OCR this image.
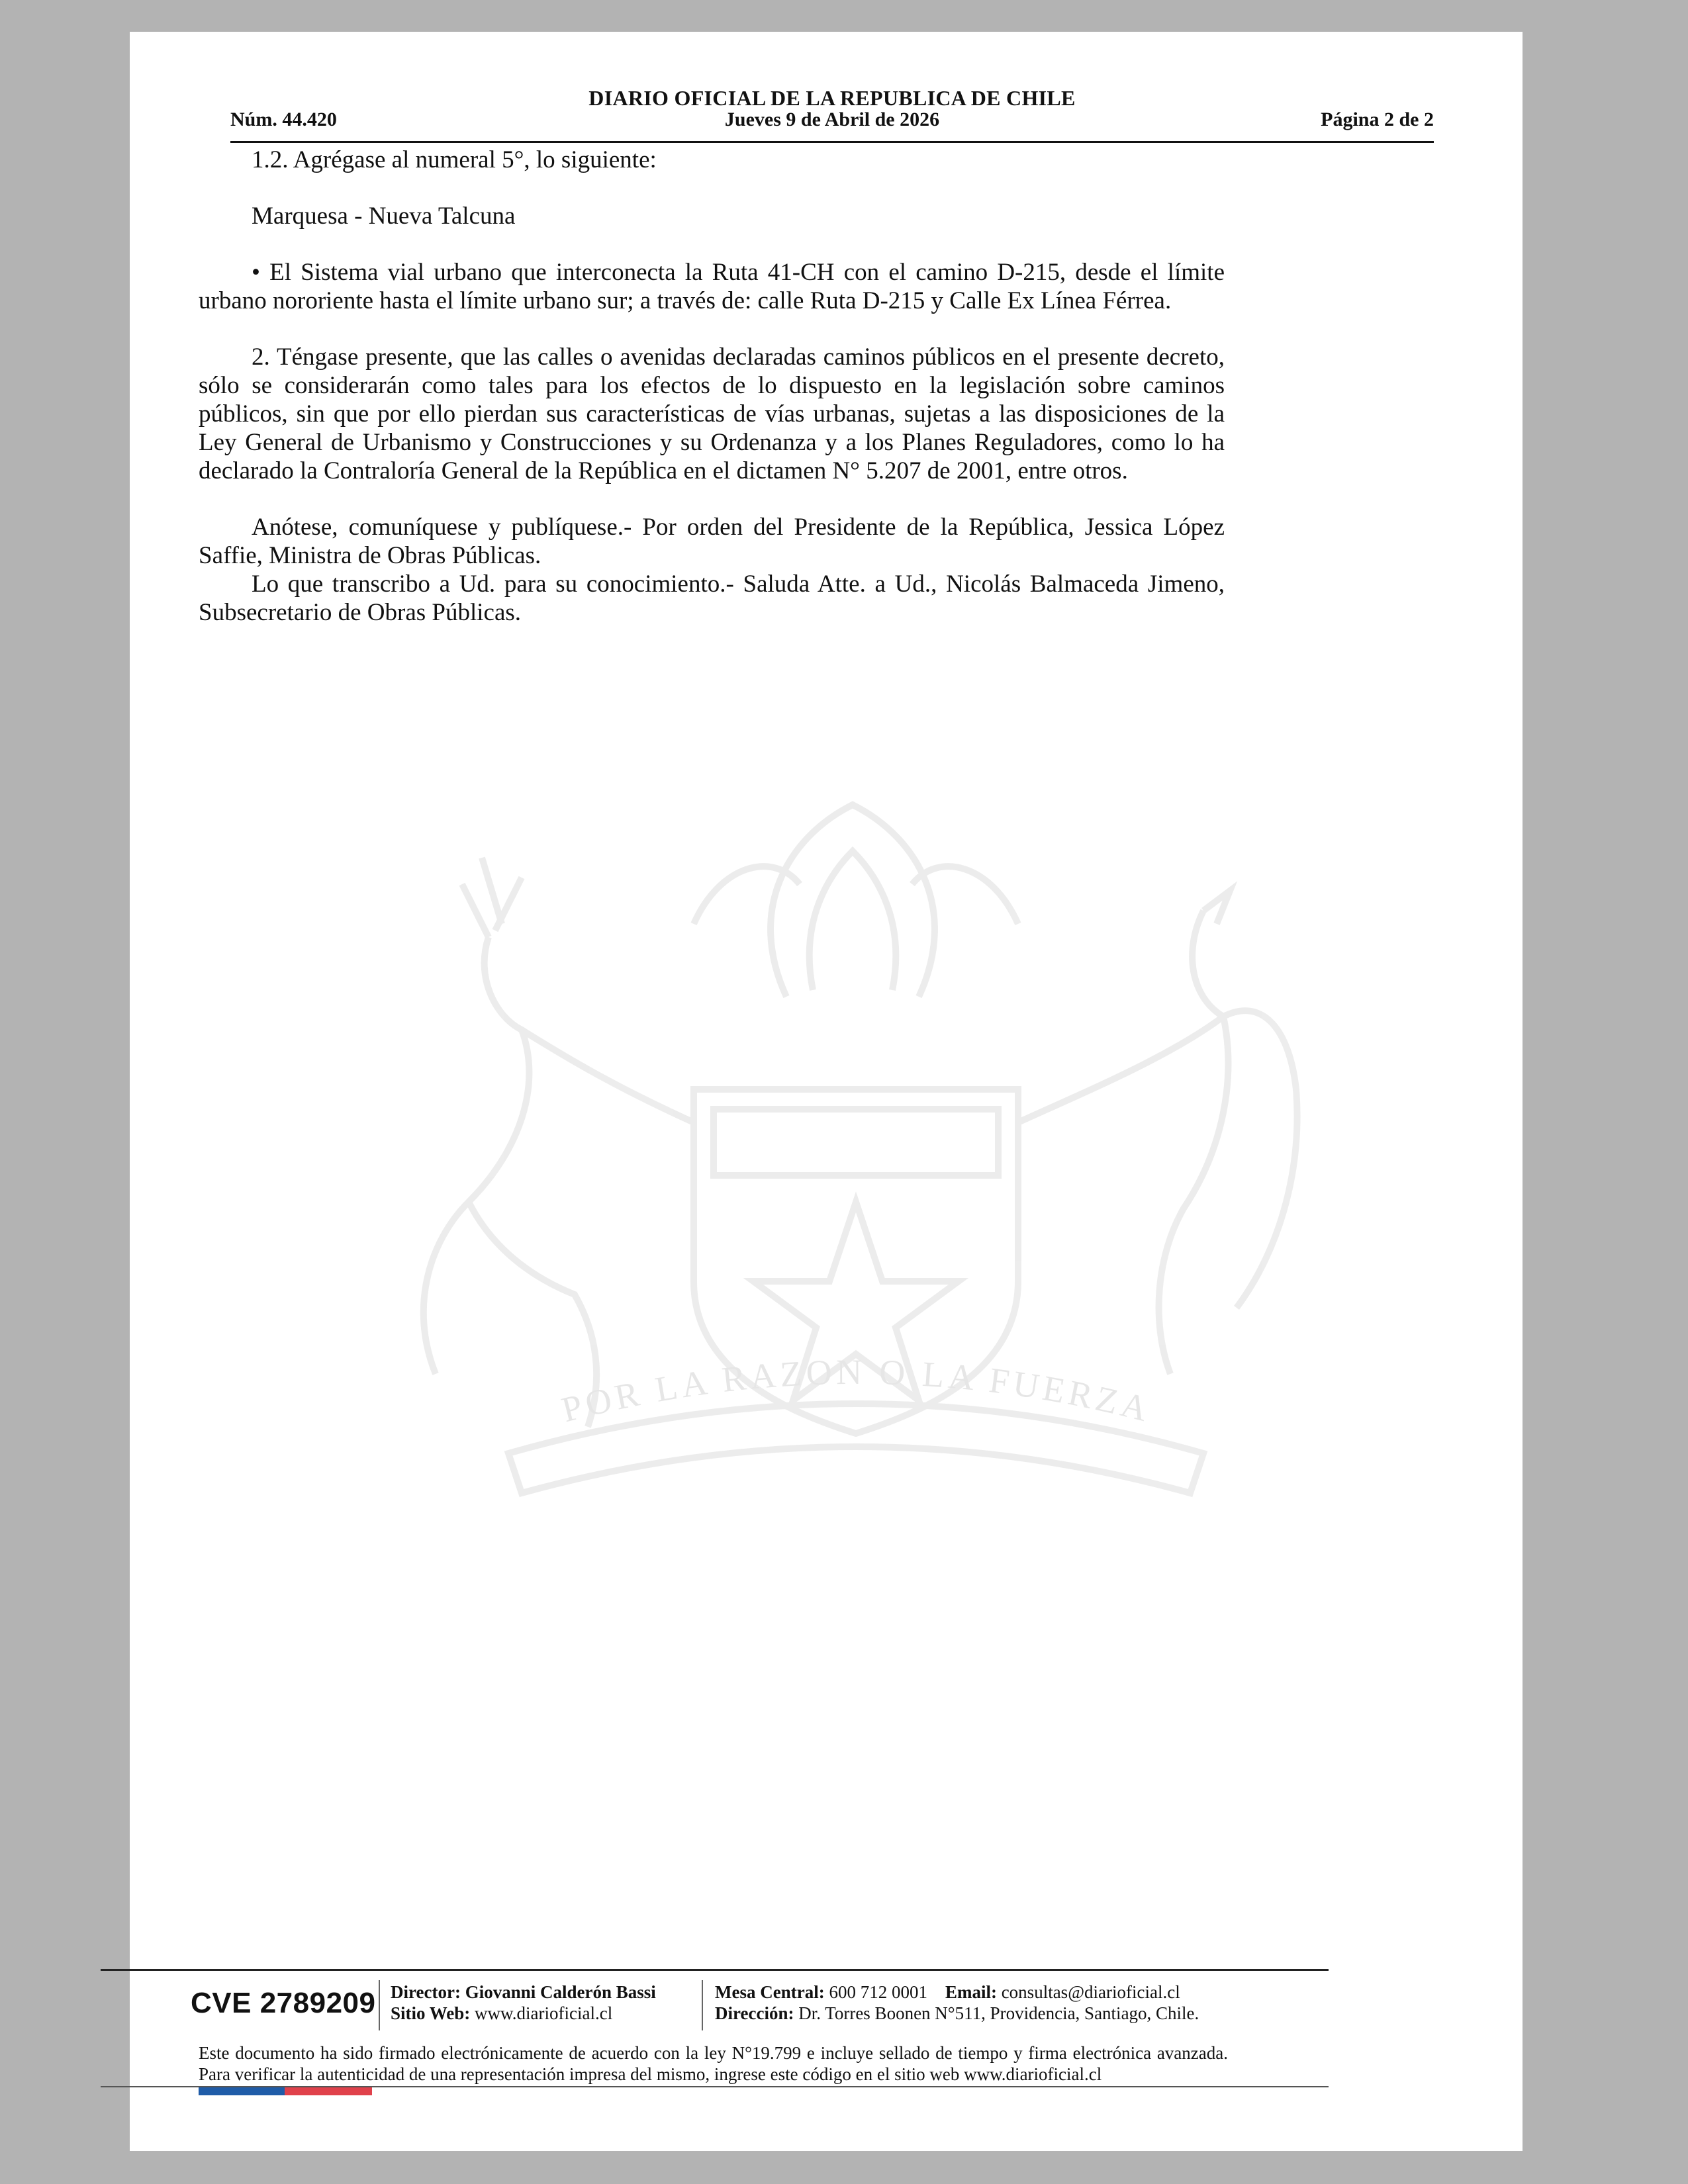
DIARIO OFICIAL DE LA REPUBLICA DE CHILE
Núm. 44.420	Jueves 9 de Abril de 2026	Página 2 de 2
POR LA RAZON O LA FUERZA

1.2. Agrégase al numeral 5°, lo siguiente:

Marquesa - Nueva Talcuna

• El Sistema vial urbano que interconecta la Ruta 41-CH con el camino D-215, desde el límite urbano nororiente hasta el límite urbano sur; a través de: calle Ruta D-215 y Calle Ex Línea Férrea.

2. Téngase presente, que las calles o avenidas declaradas caminos públicos en el presente decreto, sólo se considerarán como tales para los efectos de lo dispuesto en la legislación sobre caminos públicos, sin que por ello pierdan sus características de vías urbanas, sujetas a las disposiciones de la Ley General de Urbanismo y Construcciones y su Ordenanza y a los Planes Reguladores, como lo ha declarado la Contraloría General de la República en el dictamen N° 5.207 de 2001, entre otros.

Anótese, comuníquese y publíquese.- Por orden del Presidente de la República, Jessica López Saffie, Ministra de Obras Públicas.

Lo que transcribo a Ud. para su conocimiento.- Saluda Atte. a Ud., Nicolás Balmaceda Jimeno, Subsecretario de Obras Públicas.

CVE 2789209 Director: Giovanni Calderón Bassi
Sitio Web: www.diarioficial.cl
Mesa Central: 600 712 0001 Email: consultas@diarioficial.cl
Dirección: Dr. Torres Boonen N°511, Providencia, Santiago, Chile.
Este documento ha sido firmado electrónicamente de acuerdo con la ley N°19.799 e incluye sellado de tiempo y firma electrónica avanzada. Para verificar la autenticidad de una representación impresa del mismo, ingrese este código en el sitio web www.diarioficial.cl
